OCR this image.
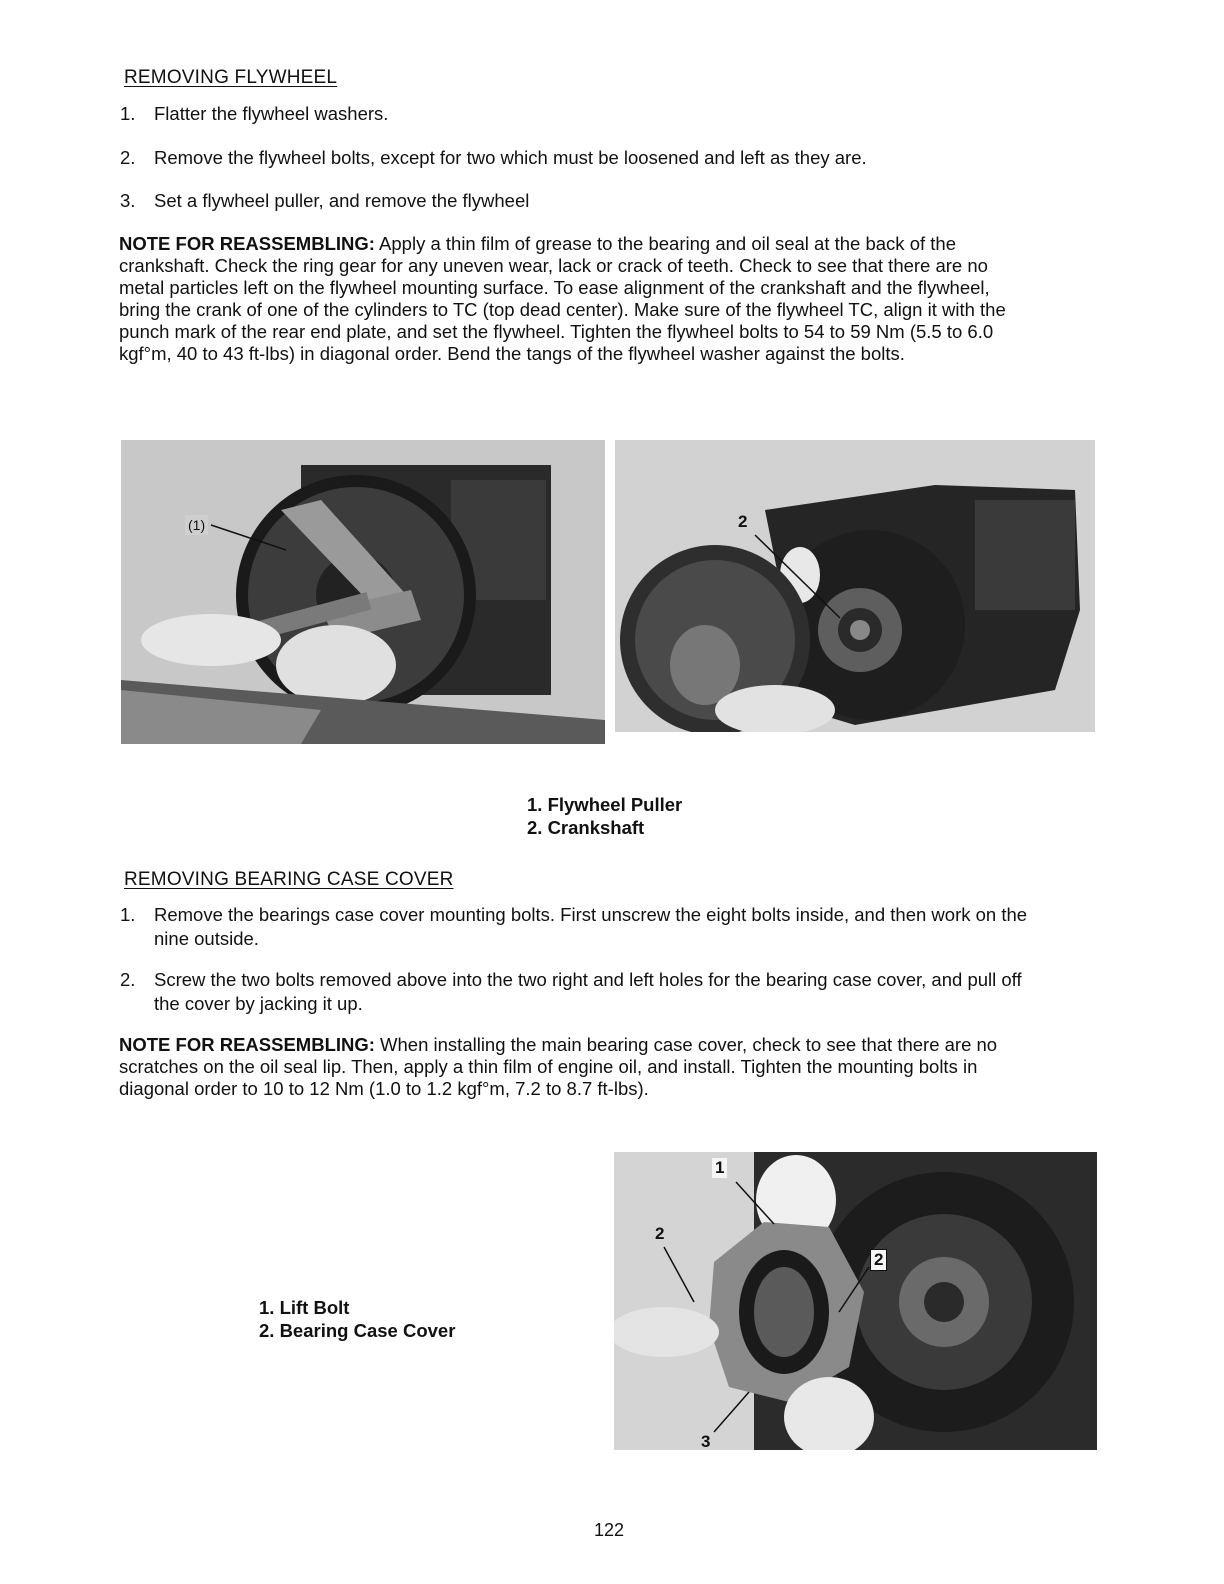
REMOVING FLYWHEEL
1. Flatter the flywheel washers.
2. Remove the flywheel bolts, except for two which must be loosened and left as they are.
3. Set a flywheel puller, and remove the flywheel
NOTE FOR REASSEMBLING: Apply a thin film of grease to the bearing and oil seal at the back of the crankshaft. Check the ring gear for any uneven wear, lack or crack of teeth. Check to see that there are no metal particles left on the flywheel mounting surface. To ease alignment of the crankshaft and the flywheel, bring the crank of one of the cylinders to TC (top dead center). Make sure of the flywheel TC, align it with the punch mark of the rear end plate, and set the flywheel. Tighten the flywheel bolts to 54 to 59 Nm (5.5 to 6.0 kgf°m, 40 to 43 ft-lbs) in diagonal order. Bend the tangs of the flywheel washer against the bolts.
(1)	2
1. Flywheel Puller
2. Crankshaft
REMOVING BEARING CASE COVER
1. Remove the bearings case cover mounting bolts. First unscrew the eight bolts inside, and then work on the nine outside.
2. Screw the two bolts removed above into the two right and left holes for the bearing case cover, and pull off the cover by jacking it up.
NOTE FOR REASSEMBLING: When installing the main bearing case cover, check to see that there are no scratches on the oil seal lip. Then, apply a thin film of engine oil, and install. Tighten the mounting bolts in diagonal order to 10 to 12 Nm (1.0 to 1.2 kgf°m, 7.2 to 8.7 ft-lbs).
1. Lift Bolt
2. Bearing Case Cover
1
2
2
3
122
